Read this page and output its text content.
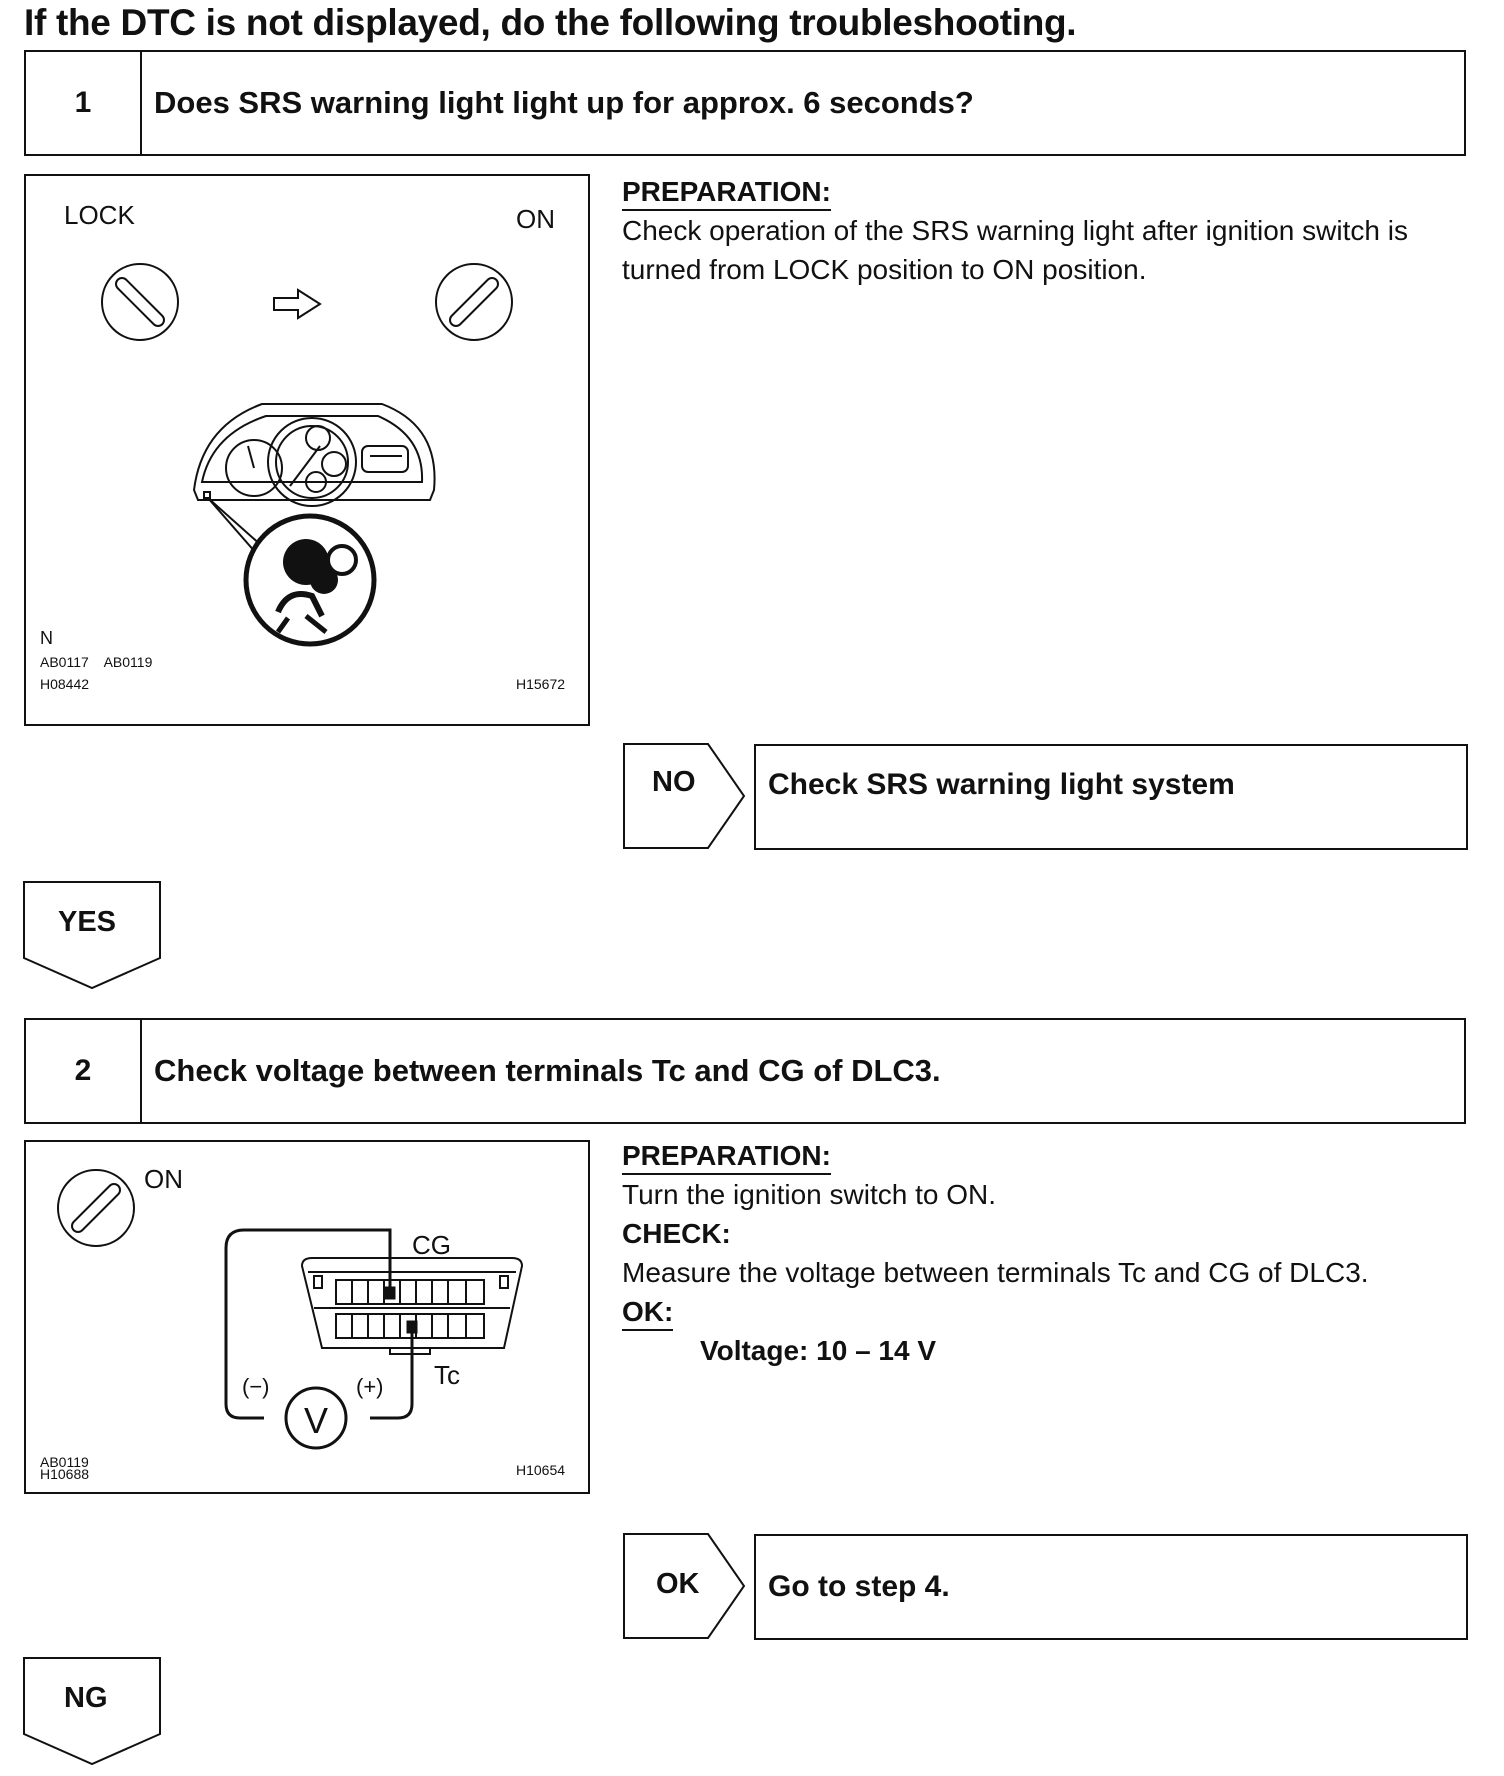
If the DTC is not displayed, do the following troubleshooting.
1	Does SRS warning light light up for approx. 6 seconds?
LOCK	ON
N
AB0117    AB0119
H08442	H15672
PREPARATION:
Check operation of the SRS warning light after ignition switch is turned from LOCK position to ON position.
NO	Check SRS warning light system
YES
2	Check voltage between terminals Tc and CG of DLC3.
ON
CG
Tc
(−)	(+)
V
AB0119
H10688	H10654
PREPARATION:
Turn the ignition switch to ON.
CHECK:
Measure the voltage between terminals Tc and CG of DLC3.
OK:
Voltage: 10 – 14 V
OK Go to step 4.
NG
